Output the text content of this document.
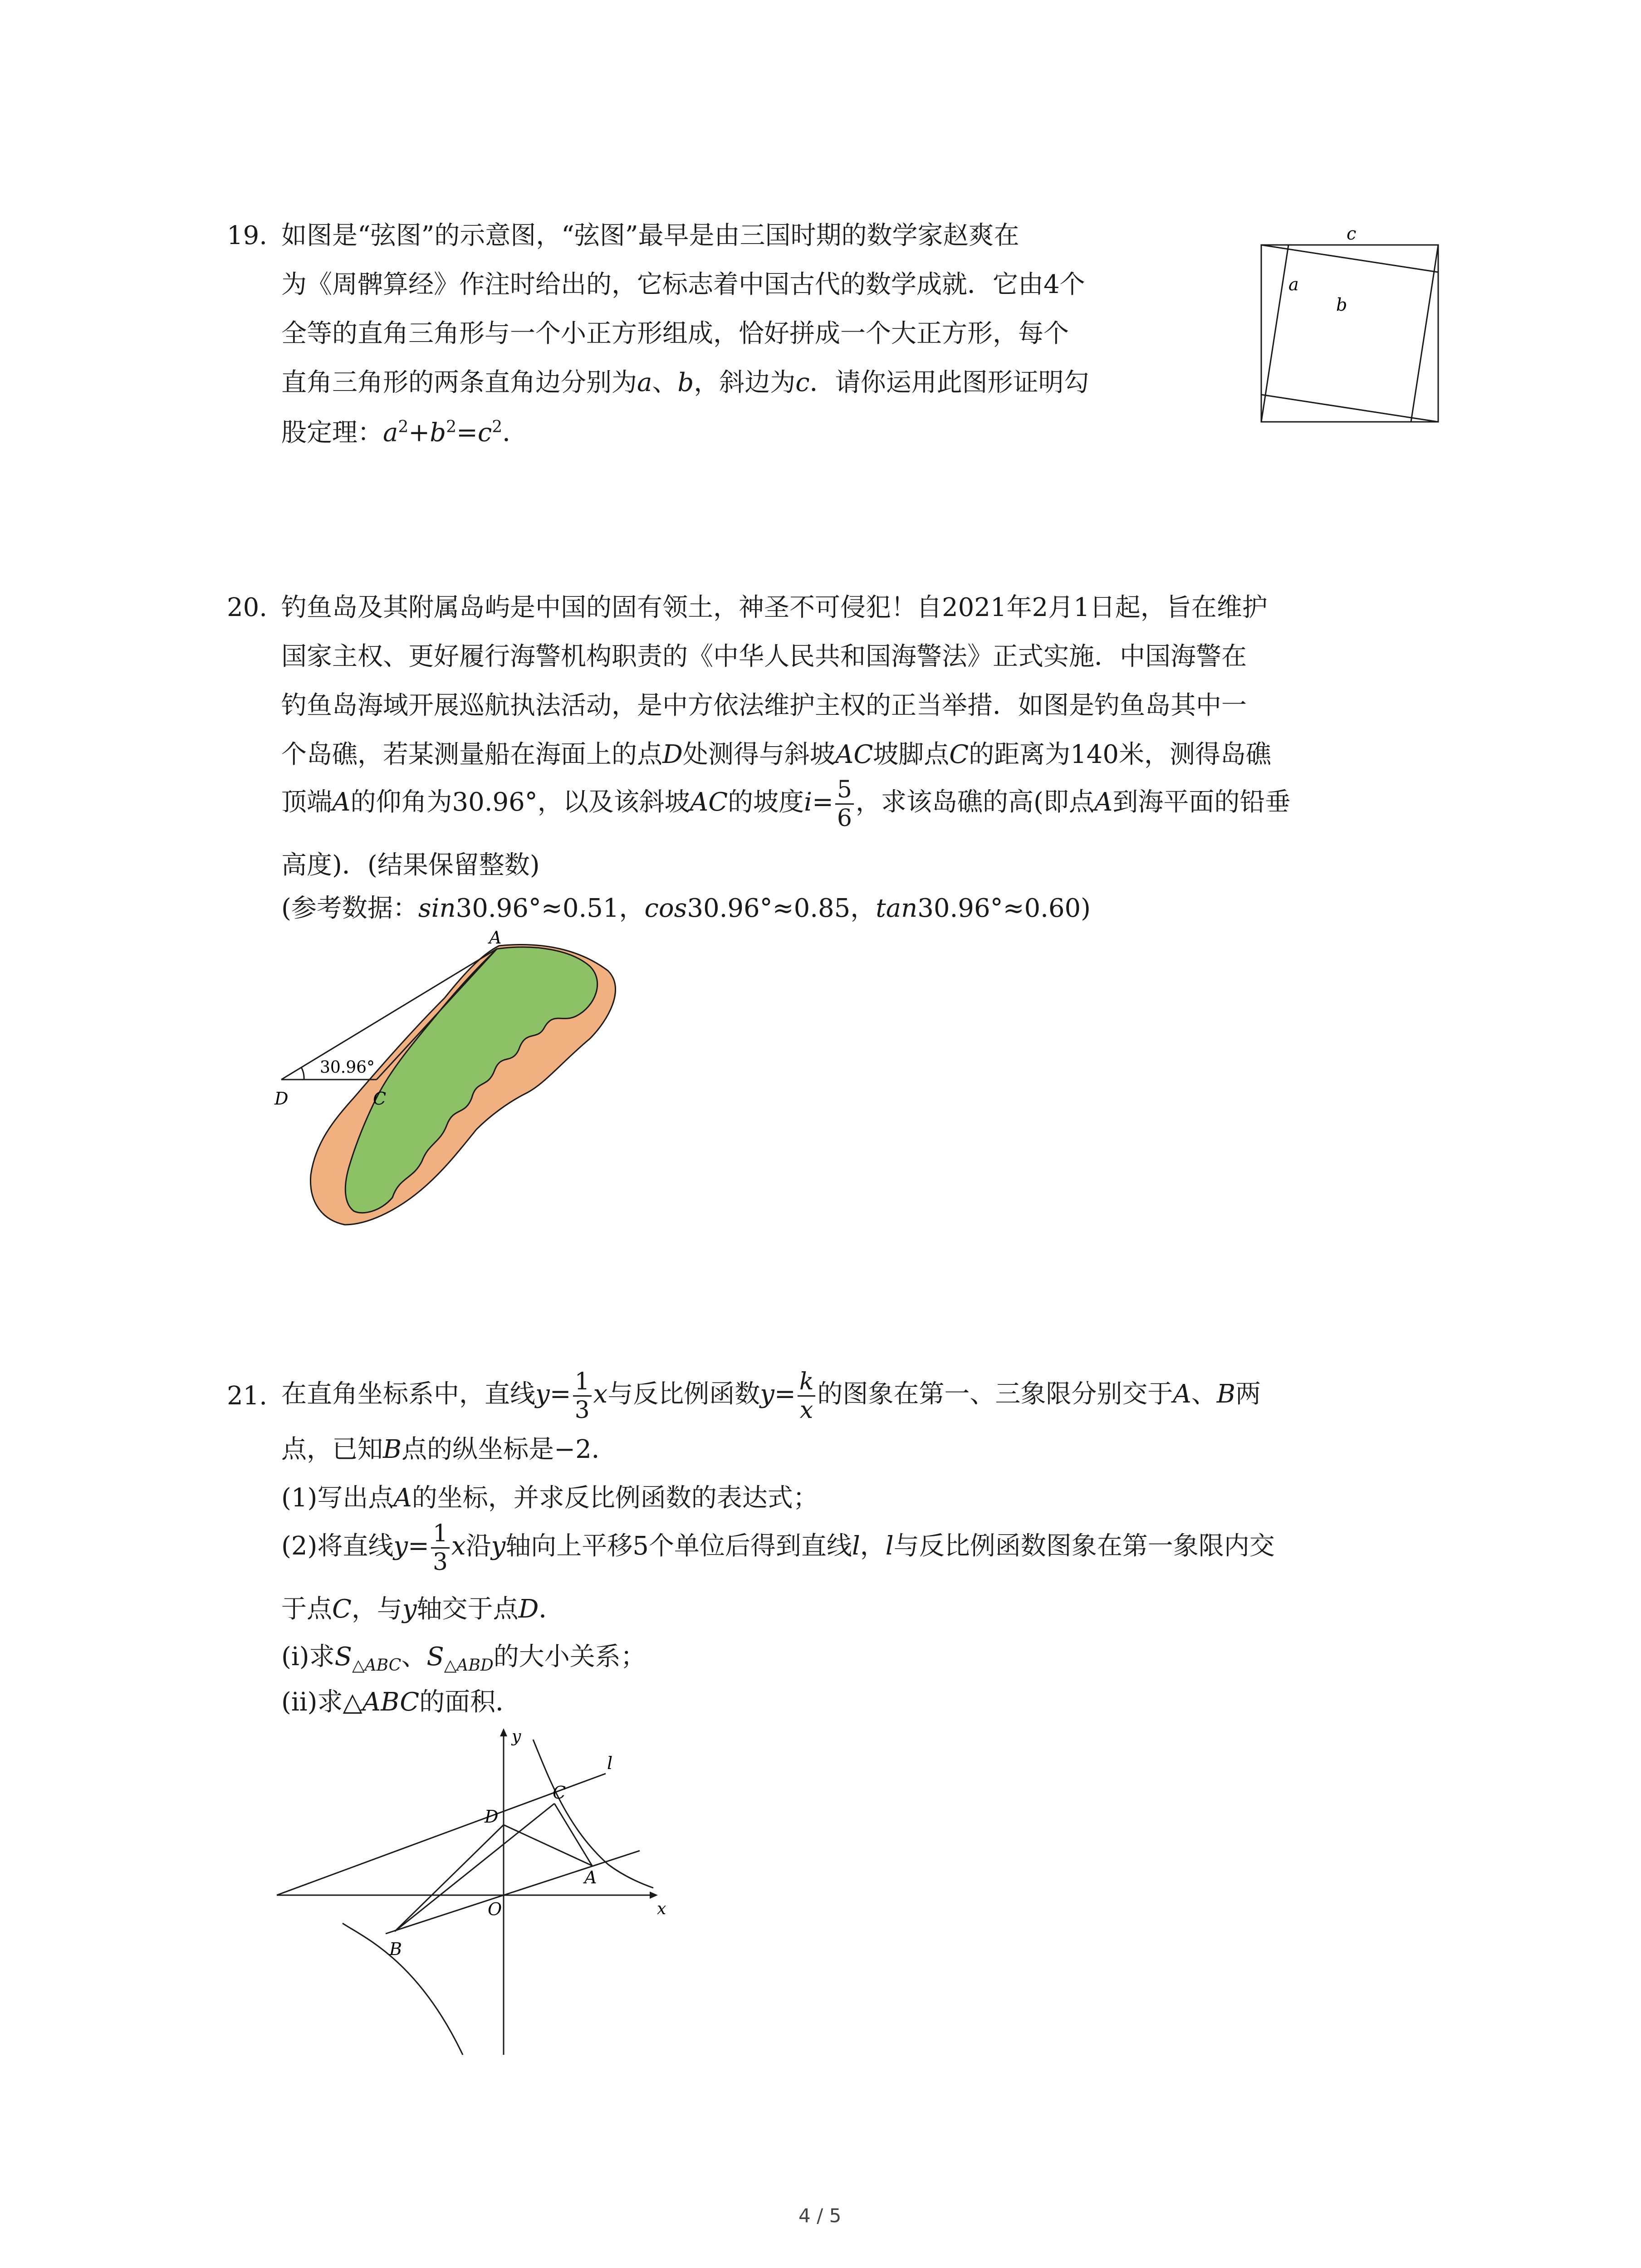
19. 如图是“弦图”的示意图，“弦图”最早是由三国时期的数学家赵爽在
为《周髀算经》作注时给出的，它标志着中国古代的数学成就．它由4个
全等的直角三角形与一个小正方形组成，恰好拼成一个大正方形，每个
直角三角形的两条直角边分别为a、b，斜边为c．请你运用此图形证明勾
股定理：$a^2+b^2=c^2$．
c
a
b
20. 钓鱼岛及其附属岛屿是中国的固有领土，神圣不可侵犯！自2021年2月1日起，旨在维护
国家主权、更好履行海警机构职责的《中华人民共和国海警法》正式实施．中国海警在
钓鱼岛海域开展巡航执法活动，是中方依法维护主权的正当举措．如图是钓鱼岛其中一
个岛礁，若某测量船在海面上的点D处测得与斜坡AC坡脚点C的距离为140米，测得岛礁
顶端A的仰角为30.96°，以及该斜坡AC的坡度$i= \frac{5}{6}$ ，求该岛礁的高(即点A到海平面的铅垂
高度)．(结果保留整数)
(参考数据：sin30.96°≈0.51，cos30.96°≈0.85，tan30.96°≈0.60)
A
D	C
30.96°
21. 在直角坐标系中，直线$y= \frac{1}{3}$ x与反比例函数$y= \frac{k}{x}$ 的图象在第一、三象限分别交于A、B两
点，已知B点的纵坐标是−2．
(1)写出点A的坐标，并求反比例函数的表达式；
(2)将直线$y= \frac{1}{3}$ x沿y轴向上平移5个单位后得到直线l，l与反比例函数图象在第一象限内交
于点C，与y轴交于点D．
(ⅰ)求$S_{\triangle ABC}$、$S_{\triangle ABD}$的大小关系；
(ⅱ)求△ABC的面积．
y
l
C
D
A
x
O
B
4 / 5
